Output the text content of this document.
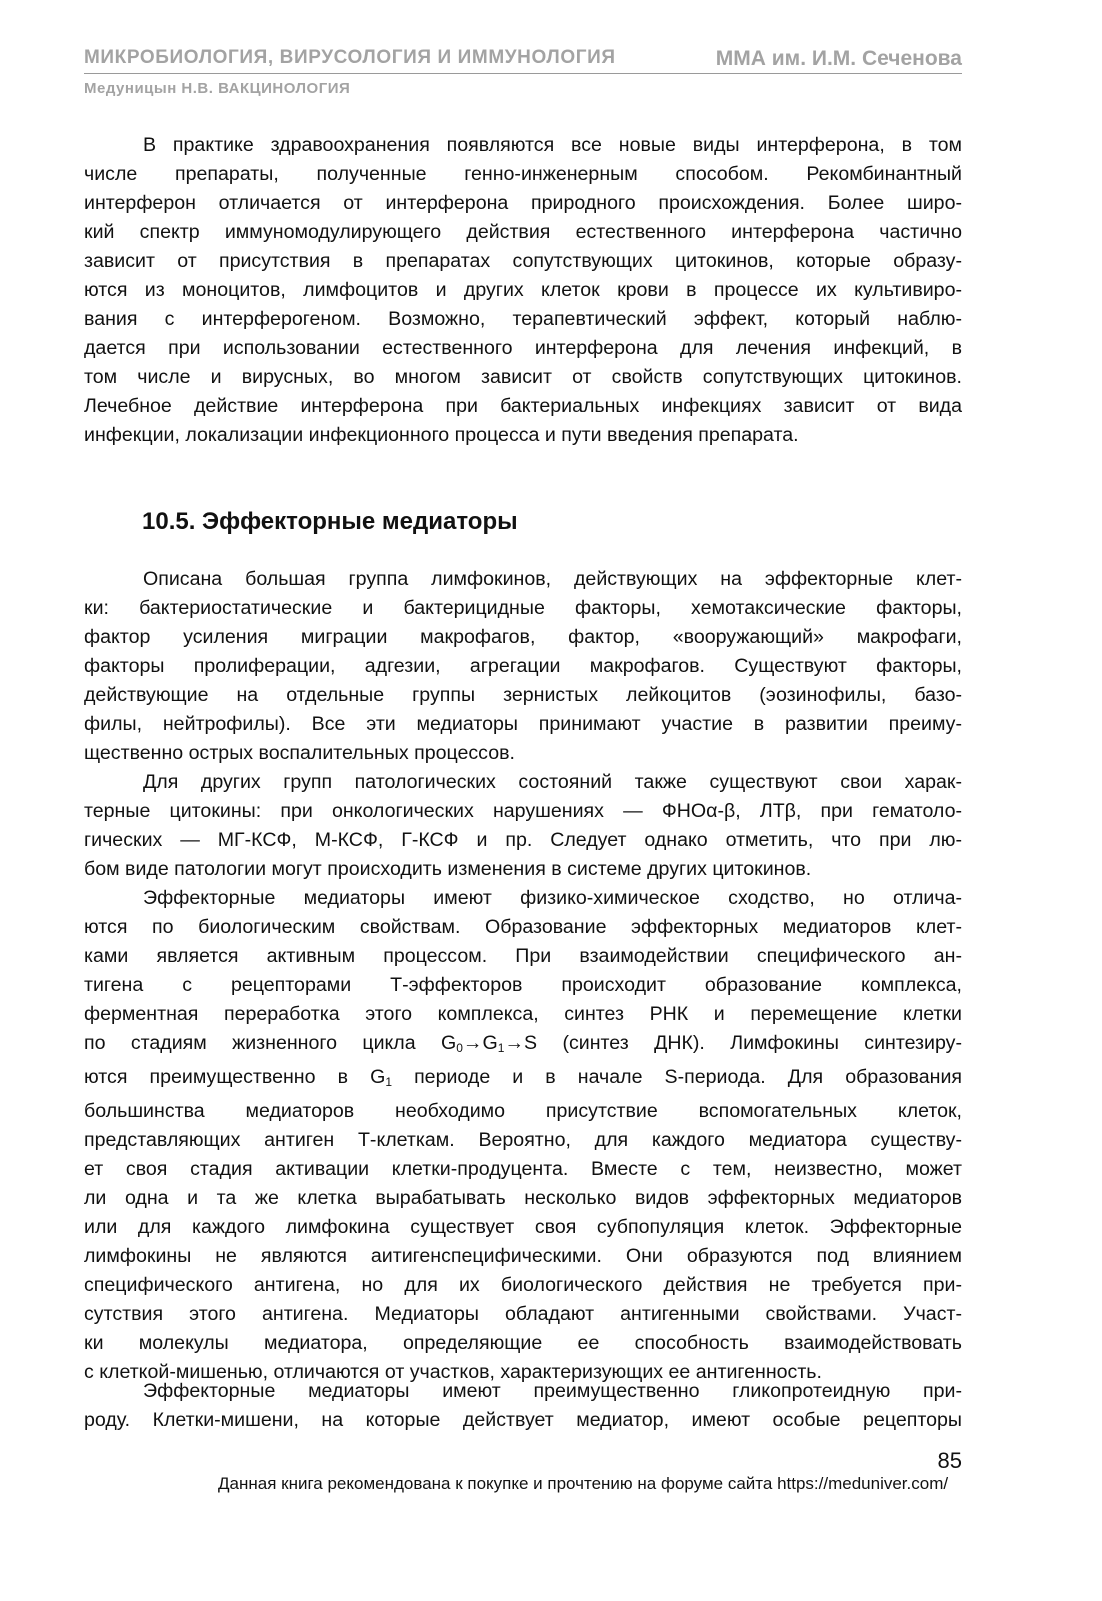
МИКРОБИОЛОГИЯ, ВИРУСОЛОГИЯ И ИММУНОЛОГИЯ	ММА им. И.М. Сеченова
Медуницын Н.В. ВАКЦИНОЛОГИЯ

В практике здравоохранения появляются все новые виды интерферона, в том
числе препараты, полученные генно-инженерным способом. Рекомбинантный
интерферон отличается от интерферона природного происхождения. Более широ-
кий спектр иммуномодулирующего действия естественного интерферона частично
зависит от присутствия в препаратах сопутствующих цитокинов, которые образу-
ются из моноцитов, лимфоцитов и других клеток крови в процессе их культивиро-
вания с интерферогеном. Возможно, терапевтический эффект, который наблю-
дается при использовании естественного интерферона для лечения инфекций, в
том числе и вирусных, во многом зависит от свойств сопутствующих цитокинов.
Лечебное действие интерферона при бактериальных инфекциях зависит от вида
инфекции, локализации инфекционного процесса и пути введения препарата.

10.5. Эффекторные медиаторы

Описана большая группа лимфокинов, действующих на эффекторные клет-
ки: бактериостатические и бактерицидные факторы, хемотаксические факторы,
фактор усиления миграции макрофагов, фактор, «вооружающий» макрофаги,
факторы пролиферации, адгезии, агрегации макрофагов. Существуют факторы,
действующие на отдельные группы зернистых лейкоцитов (эозинофилы, базо-
филы, нейтрофилы). Все эти медиаторы принимают участие в развитии преиму-
щественно острых воспалительных процессов.

Для других групп патологических состояний также существуют свои харак-
терные цитокины: при онкологических нарушениях — ФНОα-β, ЛТβ, при гематоло-
гических — МГ-КСФ, М-КСФ, Г-КСФ и пр. Следует однако отметить, что при лю-
бом виде патологии могут происходить изменения в системе других цитокинов.

Эффекторные медиаторы имеют физико-химическое сходство, но отлича-
ются по биологическим свойствам. Образование эффекторных медиаторов клет-
ками является активным процессом. При взаимодействии специфического ан-
тигена с рецепторами Т-эффекторов происходит образование комплекса,
ферментная переработка этого комплекса, синтез РНК и перемещение клетки
по стадиям жизненного цикла $G_0\to G_1\to S$ (синтез ДНК). Лимфокины синтезиру-
ются преимущественно в $G_1$ периоде и в начале S-периода. Для образования
большинства медиаторов необходимо присутствие вспомогательных клеток,
представляющих антиген Т-клеткам. Вероятно, для каждого медиатора существу-
ет своя стадия активации клетки-продуцента. Вместе с тем, неизвестно, может
ли одна и та же клетка вырабатывать несколько видов эффекторных медиаторов
или для каждого лимфокина существует своя субпопуляция клеток. Эффекторные
лимфокины не являются аитигенспецифическими. Они образуются под влиянием
специфического антигена, но для их биологического действия не требуется при-
сутствия этого антигена. Медиаторы обладают антигенными свойствами. Участ-
ки молекулы медиатора, определяющие ее способность взаимодействовать
с клеткой-мишенью, отличаются от участков, характеризующих ее антигенность.

Эффекторные медиаторы имеют преимущественно гликопротеидную при-
роду. Клетки-мишени, на которые действует медиатор, имеют особые рецепторы

85
Данная книга рекомендована к покупке и прочтению на форуме сайта https://meduniver.com/
